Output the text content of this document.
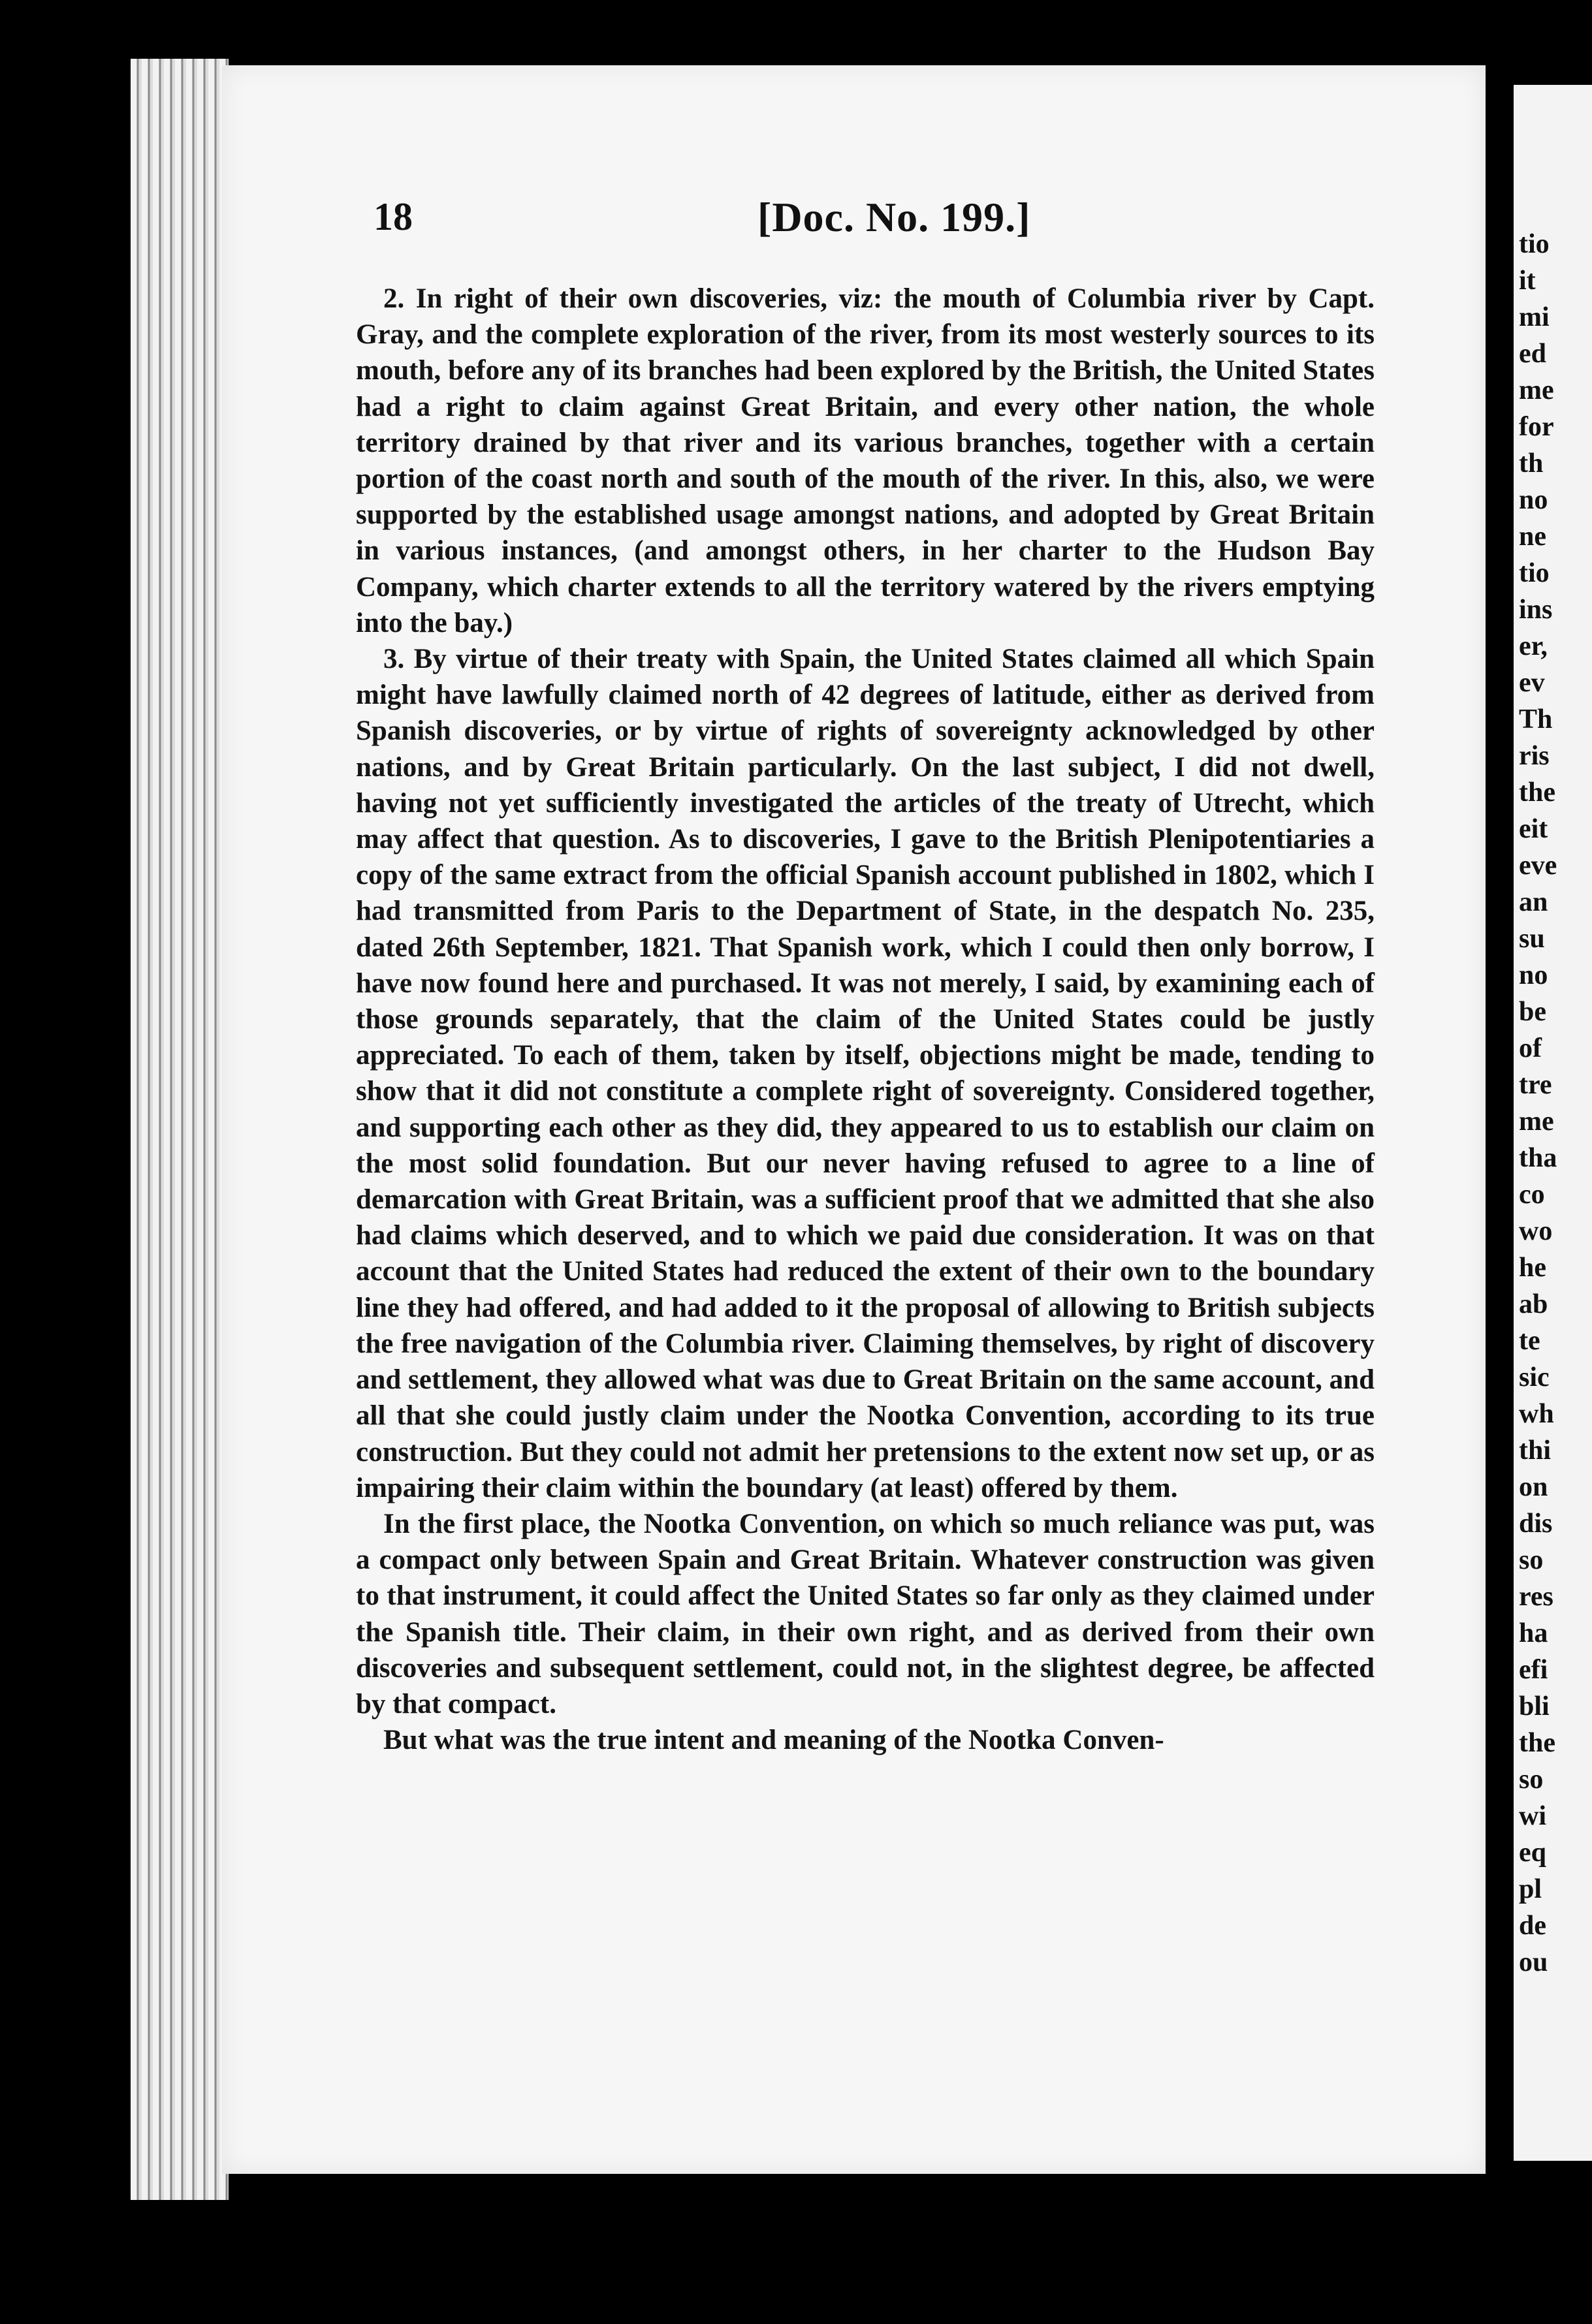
18	[Doc. No. 199.]

2. In right of their own discoveries, viz: the mouth of Columbia river by Capt. Gray, and the complete exploration of the river, from its most westerly sources to its mouth, before any of its branches had been explored by the British, the United States had a right to claim against Great Britain, and every other nation, the whole territory drained by that river and its various branches, together with a certain portion of the coast north and south of the mouth of the river. In this, also, we were supported by the established usage amongst nations, and adopted by Great Britain in various instances, (and amongst others, in her charter to the Hudson Bay Company, which charter extends to all the territory watered by the rivers emptying into the bay.)

3. By virtue of their treaty with Spain, the United States claimed all which Spain might have lawfully claimed north of 42 degrees of latitude, either as derived from Spanish discoveries, or by virtue of rights of sovereignty acknowledged by other nations, and by Great Britain particularly. On the last subject, I did not dwell, having not yet sufficiently investigated the articles of the treaty of Utrecht, which may affect that question. As to discoveries, I gave to the British Plenipotentiaries a copy of the same extract from the official Spanish account published in 1802, which I had transmitted from Paris to the Department of State, in the despatch No. 235, dated 26th September, 1821. That Spanish work, which I could then only borrow, I have now found here and purchased. It was not merely, I said, by examining each of those grounds separately, that the claim of the United States could be justly appreciated. To each of them, taken by itself, objections might be made, tending to show that it did not constitute a complete right of sovereignty. Considered together, and supporting each other as they did, they appeared to us to establish our claim on the most solid foundation. But our never having refused to agree to a line of demarcation with Great Britain, was a sufficient proof that we admitted that she also had claims which deserved, and to which we paid due consideration. It was on that account that the United States had reduced the extent of their own to the boundary line they had offered, and had added to it the proposal of allowing to British subjects the free navigation of the Columbia river. Claiming themselves, by right of discovery and settlement, they allowed what was due to Great Britain on the same account, and all that she could justly claim under the Nootka Convention, according to its true construction. But they could not admit her pretensions to the extent now set up, or as impairing their claim within the boundary (at least) offered by them.

In the first place, the Nootka Convention, on which so much reliance was put, was a compact only between Spain and Great Britain. Whatever construction was given to that instrument, it could affect the United States so far only as they claimed under the Spanish title. Their claim, in their own right, and as derived from their own discoveries and subsequent settlement, could not, in the slightest degree, be affected by that compact.

But what was the true intent and meaning of the Nootka Conven-

tio
it
mi
ed
me
for
th
no
ne
tio
ins
er,
ev
Th
ris
the
eit
eve
an
su
no
be
of
tre
me
tha
co
wo
he
ab
te
sic
wh
thi
on
dis
so
res
ha
efi
bli
the
so
wi
eq
pl
de
ou
